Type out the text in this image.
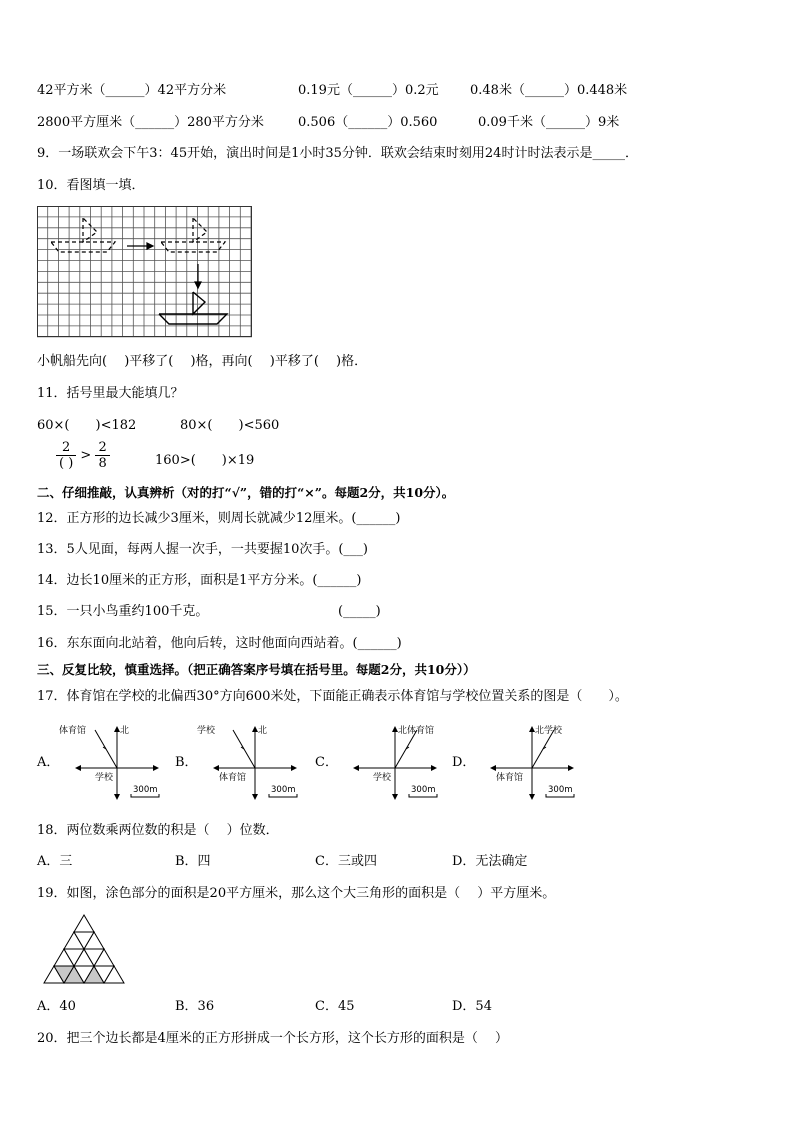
42平方米（______）42平方分米	0.19元（______）0.2元 0.48米（______）0.448米
2800平方厘米（______）280平方分米	0.506（______）0.560	0.09千米（______）9米
9．一场联欢会下午3：45开始，演出时间是1小时35分钟．联欢会结束时刻用24时计时法表示是_____．
10．看图填一填．
小帆船先向(　 )平移了(　 )格，再向(　 )平移了(　 )格．
11．括号里最大能填几？
60×(　　)<182	80×(　　)<560
$\frac{2}{( )} > \frac{2}{8}$	160>(　　)×19
二、仔细推敲，认真辨析（对的打“√”，错的打“×”。每题2分，共10分）。
12．正方形的边长减少3厘米，则周长就减少12厘米。(______)
13．5人见面，每两人握一次手，一共要握10次手。(___)
14．边长10厘米的正方形，面积是1平方分米。(______)
15．一只小鸟重约100千克。	(_____)
16．东东面向北站着，他向后转，这时他面向西站着。(______)
三、反复比较，慎重选择。（把正确答案序号填在括号里。每题2分，共10分））
17．体育馆在学校的北偏西30°方向600米处，下面能正确表示体育馆与学校位置关系的图是（　　）。
A．
北
体育馆
学校
300m
B．
北
学校
体育馆
300m
C．
北 体育馆
学校
300m
D．
北 学校
体育馆
300m
18．两位数乘两位数的积是（　 ）位数．
A．三	B．四	C．三或四	D．无法确定
19．如图，涂色部分的面积是20平方厘米，那么这个大三角形的面积是（　 ）平方厘米。
A．40	B．36	C．45	D．54
20．把三个边长都是4厘米的正方形拼成一个长方形，这个长方形的面积是（　 ）
